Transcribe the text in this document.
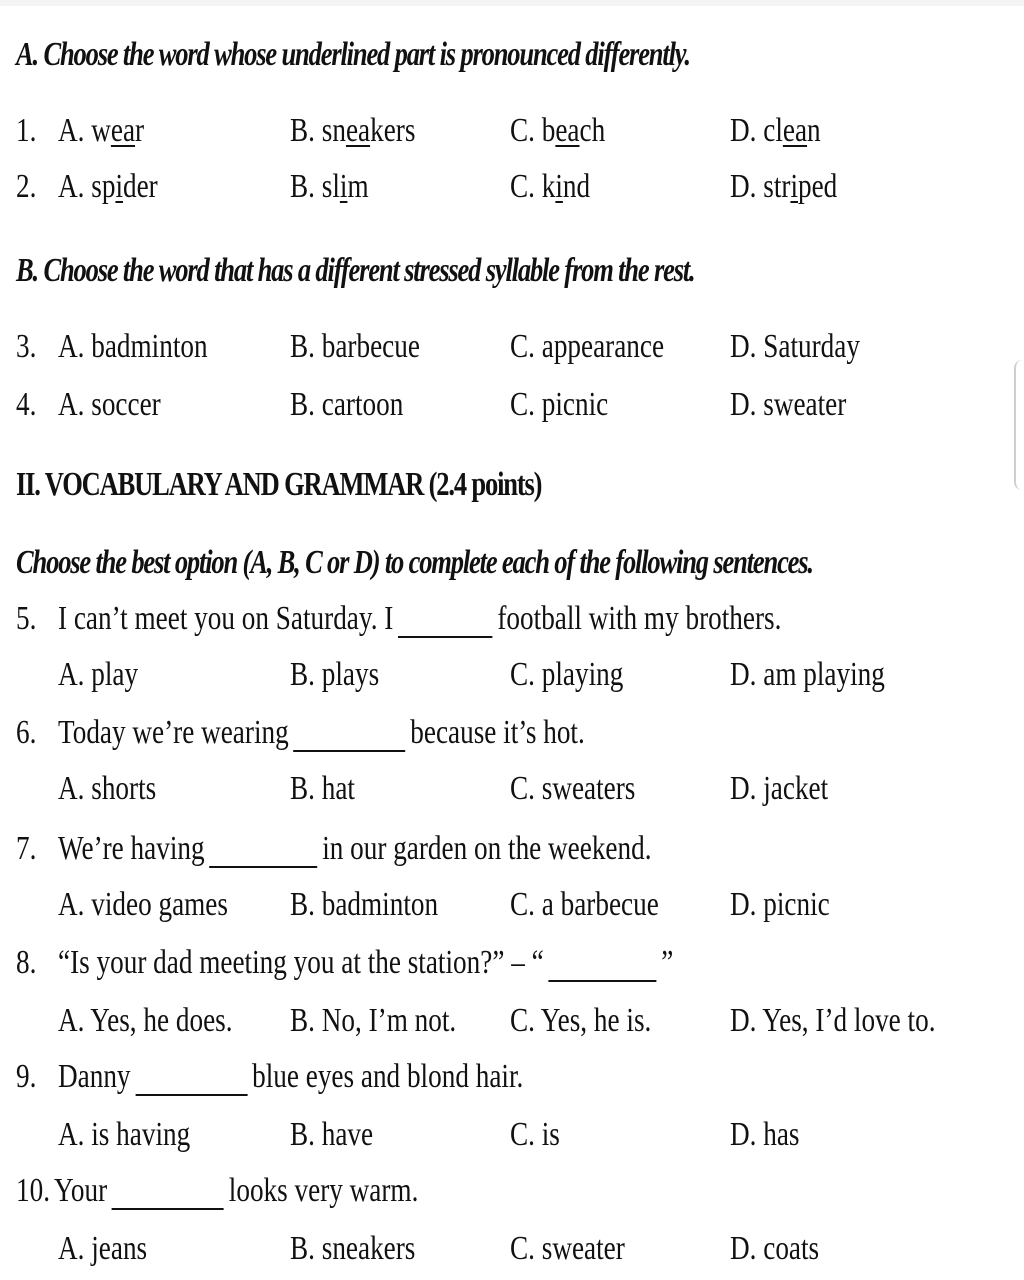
A. Choose the word whose underlined part is pronounced differently.
1. A. wear	B. sneakers	C. beach	D. clean
2. A. spider	B. slim	C. kind	D. striped
B. Choose the word that has a different stressed syllable from the rest.
3. A. badminton B. barbecue	C. appearance D. Saturday
4. A. soccer	B. cartoon	C. picnic	D. sweater
II. VOCABULARY AND GRAMMAR (2.4 points)
Choose the best option (A, B, C or D) to complete each of the following sentences.
5. I can’t meet you on Saturday. I	football with my brothers.
A. play	B. plays	C. playing	D. am playing
6. Today we’re wearing	because it’s hot.
A. shorts	B. hat	C. sweaters	D. jacket
7. We’re having	in our garden on the weekend.
A. video games B. badminton C. a barbecue D. picnic
8. “Is your dad meeting you at the station?” – “	”
A. Yes, he does. B. No, I’m not. C. Yes, he is. D. Yes, I’d love to.
9. Danny	blue eyes and blond hair.
A. is having	B. have	C. is	D. has
10. Your	looks very warm.
A. jeans	B. sneakers	C. sweater	D. coats
